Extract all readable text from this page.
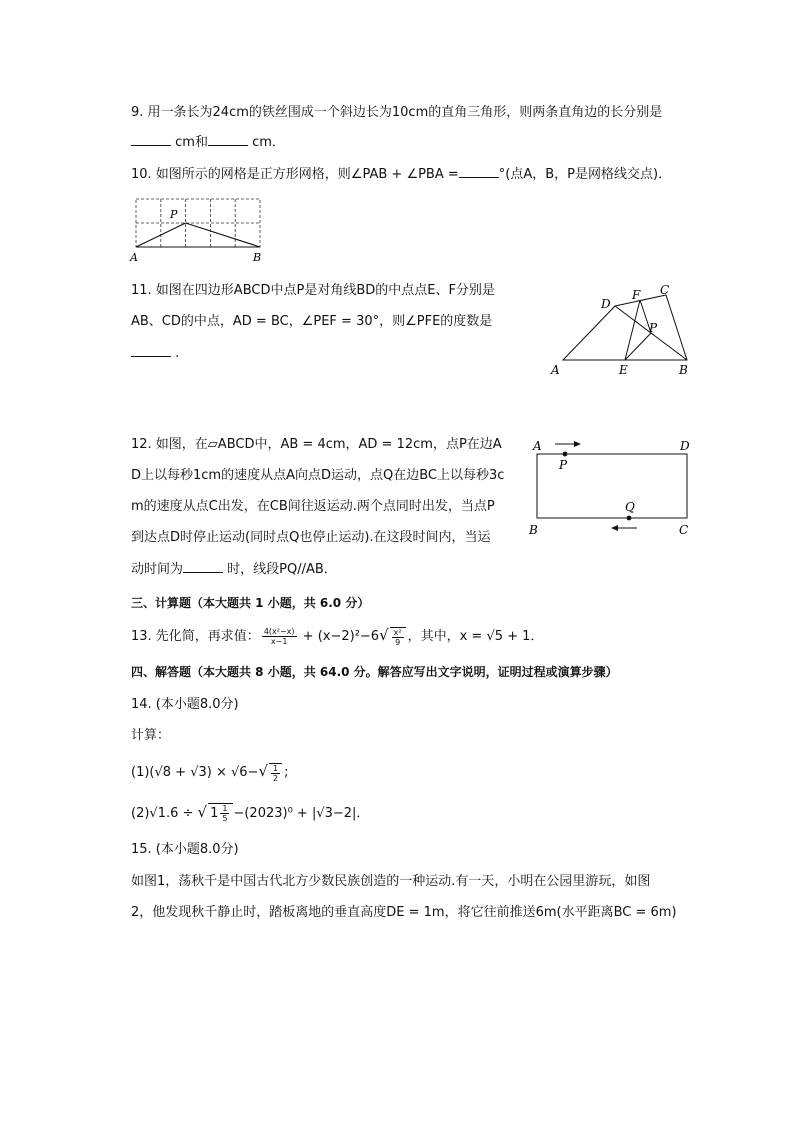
9. 用一条长为24cm的铁丝围成一个斜边长为10cm的直角三角形，则两条直角边的长分别是
cm和	cm．
10. 如图所示的网格是正方形网格，则∠PAB + ∠PBA =	°(点A，B，P是网格线交点)．
P
A	B
11. 如图在四边形ABCD中点P是对角线BD的中点点E、F分别是
AB、CD的中点，AD = BC，∠PEF = 30°，则∠PFE的度数是
.
D
F C
P
A	E	B
12. 如图，在▱ABCD中，AB = 4cm，AD = 12cm，点P在边A
D上以每秒1cm的速度从点A向点D运动，点Q在边BC上以每秒3c
m的速度从点C出发，在CB间往返运动.两个点同时出发，当点P
到达点D时停止运动(同时点Q也停止运动).在这段时间内，当运
动时间为	时，线段PQ//AB．
A	D
P
Q
B	C
三、计算题（本大题共 1 小题，共 6.0 分）
13. 先化简，再求值： $\frac{\text{4(x²−x)}}{x-1} + (x-2)^2-6√ \frac{\text{x²}}{9}$ ，其中，x = √5 + 1．
四、解答题（本大题共 8 小题，共 64.0 分。解答应写出文字说明，证明过程或演算步骤）
14. (本小题8.0分)
计算：
$(1)(√8 + √3) \times √6-√ \frac{1}{2}$ ;
(2)√1.6 ÷ √ $1 \frac{1}{5} -(2023)^0 + |√3-2|$．
15. (本小题8.0分)
如图1，荡秋千是中国古代北方少数民族创造的一种运动.有一天，小明在公园里游玩，如图
2，他发现秋千静止时，踏板离地的垂直高度DE = 1m，将它往前推送6m(水平距离BC = 6m)
